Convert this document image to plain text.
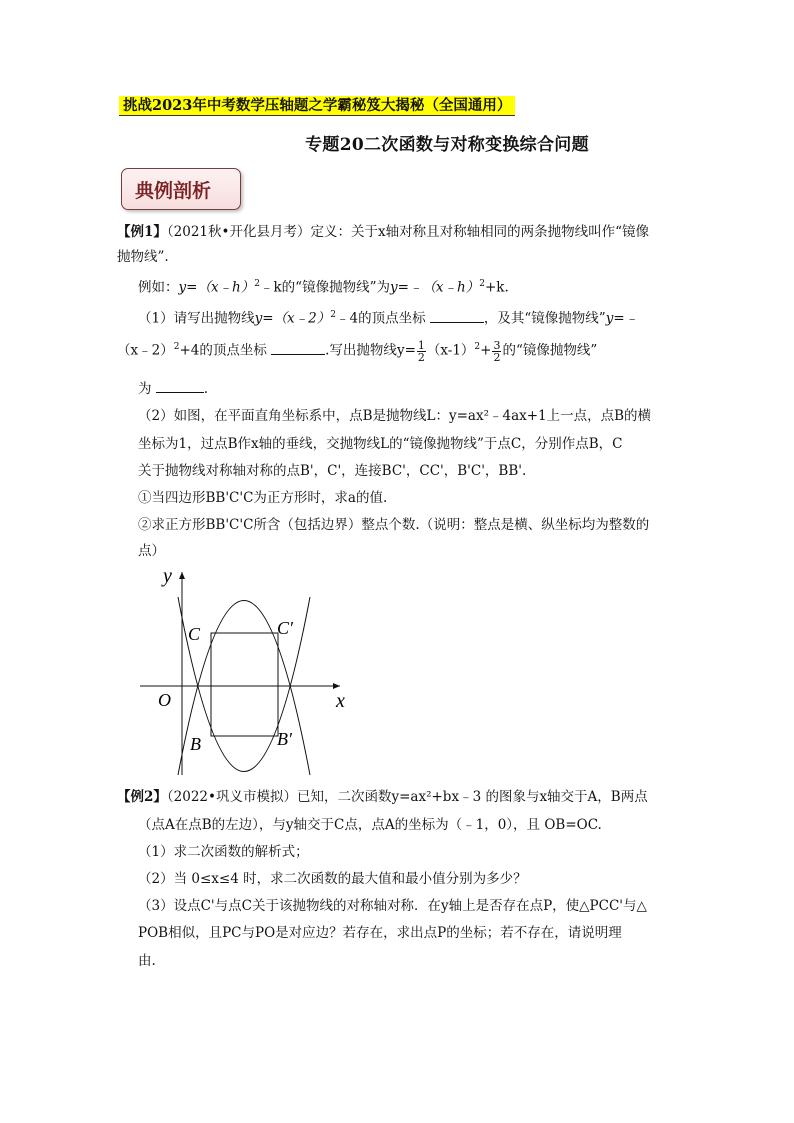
挑战2023年中考数学压轴题之学霸秘笈大揭秘（全国通用）
专题20二次函数与对称变换综合问题
典例剖析
【例1】（2021秋•开化县月考）定义：关于x轴对称且对称轴相同的两条抛物线叫作“镜像
抛物线”.
例如：y=（x﹣h）$^2$﹣k的“镜像抛物线”为y=﹣（x﹣h）$^2$+k.
（1）请写出抛物线y=（x﹣2）$^2$﹣4的顶点坐标	，及其“镜像抛物线”y=﹣
（x﹣2）$^2$+4的顶点坐标	.写出抛物线$y= \frac{1}{2} (x-1)^2+ \frac{3}{2}$ 的“镜像抛物线”
为	.
（2）如图，在平面直角坐标系中，点B是抛物线L：y=ax²﹣4ax+1上一点，点B的横
坐标为1，过点B作x轴的垂线，交抛物线L的“镜像抛物线”于点C，分别作点B，C
关于抛物线对称轴对称的点B'，C'，连接BC'，CC'，B'C'，BB'.
①当四边形BB'C'C为正方形时，求a的值.
②求正方形BB'C'C所含（包括边界）整点个数.（说明：整点是横、纵坐标均为整数的
点）
y
x
O
C	C′
B	B′
【例2】（2022•巩义市模拟）已知，二次函数y=ax²+bx﹣3 的图象与x轴交于A，B两点
（点A在点B的左边），与y轴交于C点，点A的坐标为（﹣1，0），且 OB=OC.
（1）求二次函数的解析式；
（2）当 0≤x≤4 时，求二次函数的最大值和最小值分别为多少？
（3）设点C'与点C关于该抛物线的对称轴对称．在y轴上是否存在点P，使△PCC'与△
POB相似，且PC与PO是对应边？若存在，求出点P的坐标；若不存在，请说明理
由.
